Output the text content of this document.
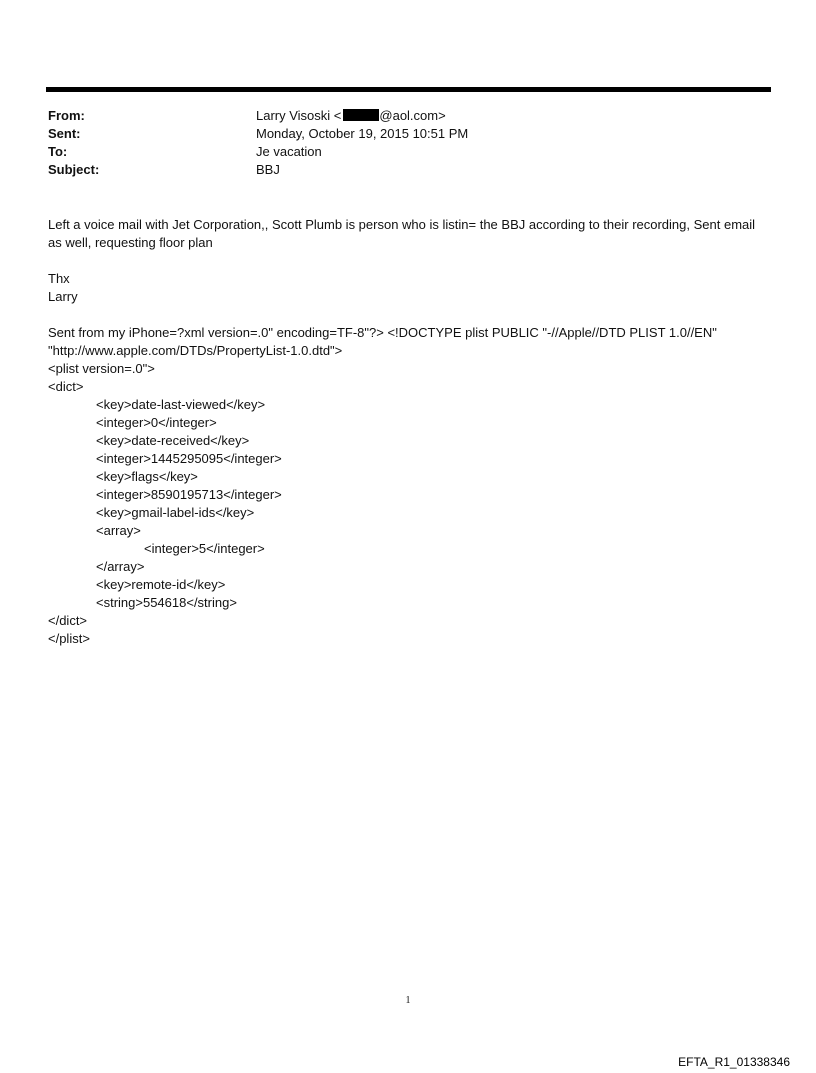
From:	Larry Visoski <	@aol.com>
Sent:	Monday, October 19, 2015 10:51 PM
To:	Je vacation
Subject:	BBJ

Left a voice mail with Jet Corporation,, Scott Plumb is person who is listin= the BBJ according to their recording, Sent email as well, requesting floor plan

Thx

Larry

Sent from my iPhone=?xml version=.0" encoding=TF-8"?> <!DOCTYPE plist PUBLIC "-//Apple//DTD PLIST 1.0//EN" "http://www.apple.com/DTDs/PropertyList-1.0.dtd">

<plist version=.0">

<dict>

<key>date-last-viewed</key>

<integer>0</integer>

<key>date-received</key>

<integer>1445295095</integer>

<key>flags</key>

<integer>8590195713</integer>

<key>gmail-label-ids</key>

<array>

<integer>5</integer>

</array>

<key>remote-id</key>

<string>554618</string>

</dict>

</plist>

1
EFTA_R1_01338346
